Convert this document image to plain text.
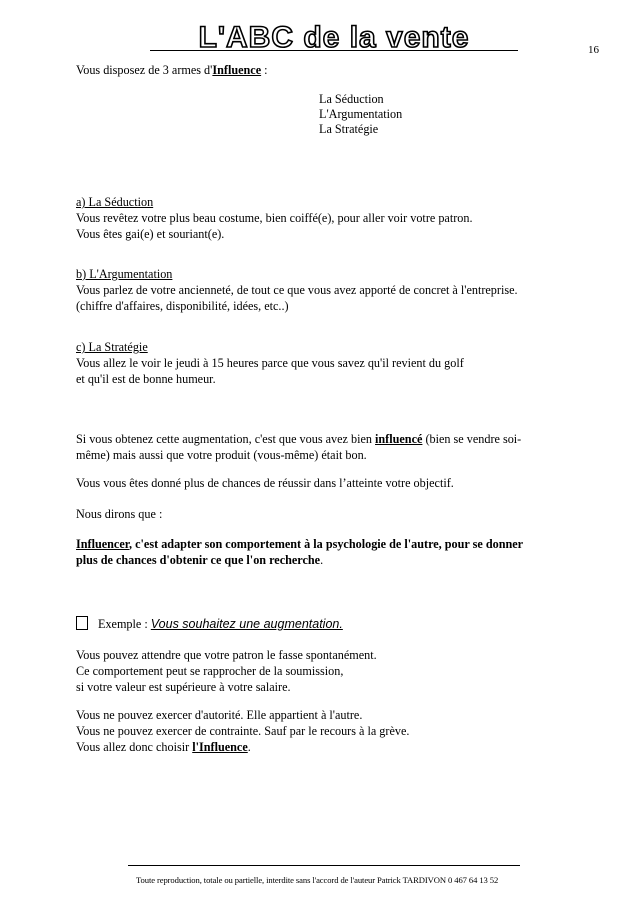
L'ABC de la vente	16
Vous disposez de 3 armes d'Influence :
La Séduction
L'Argumentation
La Stratégie
a) La Séduction
Vous revêtez votre plus beau costume, bien coiffé(e), pour aller voir votre patron.
Vous êtes gai(e) et souriant(e).
b) L'Argumentation
Vous parlez de votre ancienneté, de tout ce que vous avez apporté de concret à l'entreprise.
(chiffre d'affaires, disponibilité, idées, etc..)
c) La Stratégie
Vous allez le voir le jeudi à 15 heures parce que vous savez qu'il revient du golf
et qu'il est de bonne humeur.
Si vous obtenez cette augmentation, c'est que vous avez bien influencé (bien se vendre soi-
même) mais aussi que votre produit (vous-même) était bon.
Vous vous êtes donné plus de chances de réussir dans l’atteinte votre objectif.
Nous dirons que :
Influencer, c'est adapter son comportement à la psychologie de l'autre, pour se donner
plus de chances d'obtenir ce que l'on recherche.
Exemple : Vous souhaitez une augmentation.
Vous pouvez attendre que votre patron le fasse spontanément.
Ce comportement peut se rapprocher de la soumission,
si votre valeur est supérieure à votre salaire.
Vous ne pouvez exercer d'autorité. Elle appartient à l'autre.
Vous ne pouvez exercer de contrainte. Sauf par le recours à la grève.
Vous allez donc choisir l'Influence.
Toute reproduction, totale ou partielle, interdite sans l'accord de l'auteur Patrick TARDIVON 0 467 64 13 52
